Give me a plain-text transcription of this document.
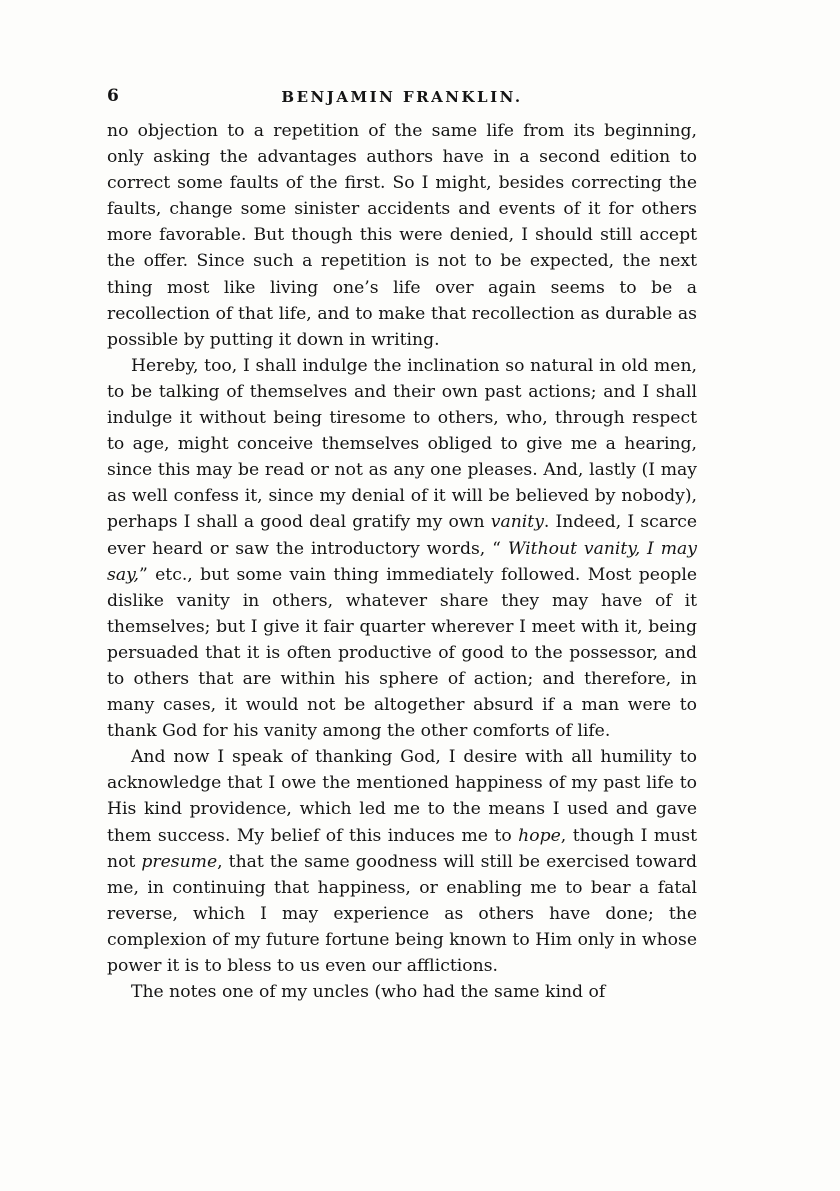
6	BENJAMIN FRANKLIN.

no objection to a repetition of the same life from its beginning, only asking the advantages authors have in a second edition to correct some faults of the first. So I might, besides correcting the faults, change some sinister accidents and events of it for others more favorable. But though this were denied, I should still accept the offer. Since such a repetition is not to be expected, the next thing most like living one’s life over again seems to be a recollection of that life, and to make that recollection as durable as possible by putting it down in writing.

Hereby, too, I shall indulge the inclination so natural in old men, to be talking of themselves and their own past actions; and I shall indulge it without being tiresome to others, who, through respect to age, might conceive themselves obliged to give me a hearing, since this may be read or not as any one pleases. And, lastly (I may as well confess it, since my denial of it will be believed by nobody), perhaps I shall a good deal gratify my own vanity. Indeed, I scarce ever heard or saw the introductory words, “ Without vanity, I may say,” etc., but some vain thing immediately followed. Most people dislike vanity in others, whatever share they may have of it themselves; but I give it fair quarter wherever I meet with it, being persuaded that it is often productive of good to the possessor, and to others that are within his sphere of action; and therefore, in many cases, it would not be altogether absurd if a man were to thank God for his vanity among the other comforts of life.

And now I speak of thanking God, I desire with all humility to acknowledge that I owe the mentioned happiness of my past life to His kind providence, which led me to the means I used and gave them success. My belief of this induces me to hope, though I must not presume, that the same goodness will still be exercised toward me, in continuing that happiness, or enabling me to bear a fatal reverse, which I may experience as others have done; the complexion of my future fortune being known to Him only in whose power it is to bless to us even our afflictions.

The notes one of my uncles (who had the same kind of
